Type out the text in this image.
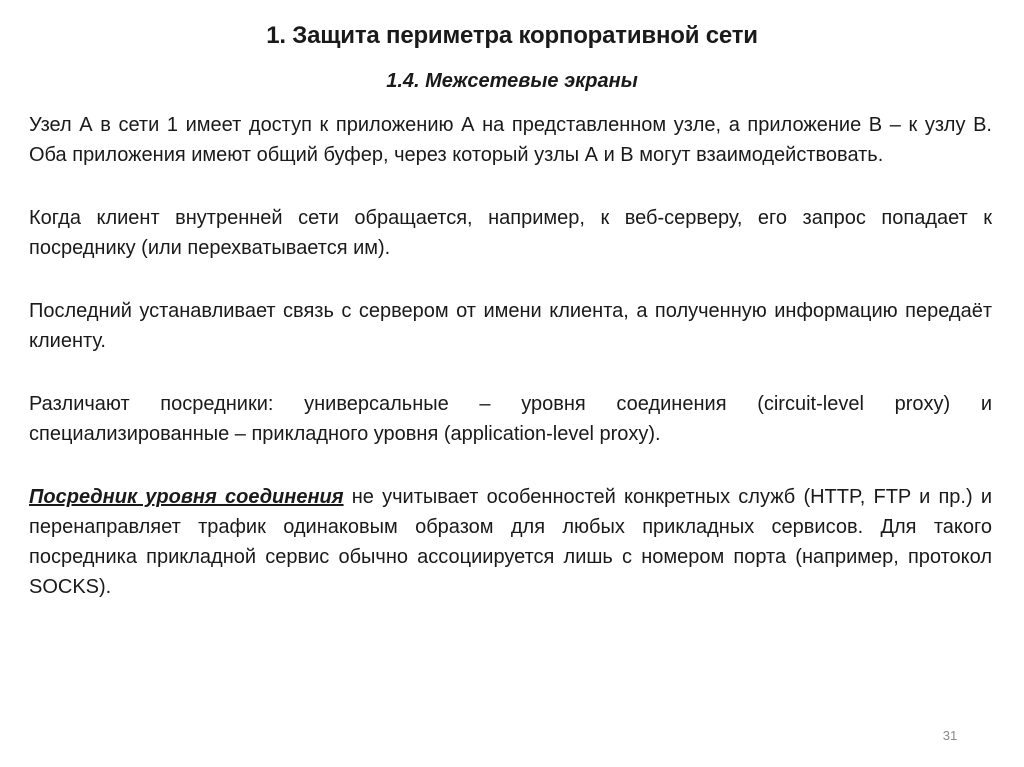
1. Защита периметра корпоративной сети
1.4. Межсетевые экраны

Узел А в сети 1 имеет доступ к приложению А на представленном узле, а приложение В – к узлу В. Оба приложения имеют общий буфер, через который узлы А и В могут взаимодействовать.

Когда клиент внутренней сети обращается, например, к веб-серверу, его запрос попадает к посреднику (или перехватывается им).

Последний устанавливает связь с сервером от имени клиента, а полученную информацию передаёт клиенту.

Различают посредники: универсальные – уровня соединения (circuit-level proxy) и специализированные – прикладного уровня (application-level proxy).

Посредник уровня соединения не учитывает особенностей конкретных служб (HTTP, FTP и пр.) и перенаправляет трафик одинаковым образом для любых прикладных сервисов. Для такого посредника прикладной сервис обычно ассоциируется лишь с номером порта (например, протокол SOCKS).

31
